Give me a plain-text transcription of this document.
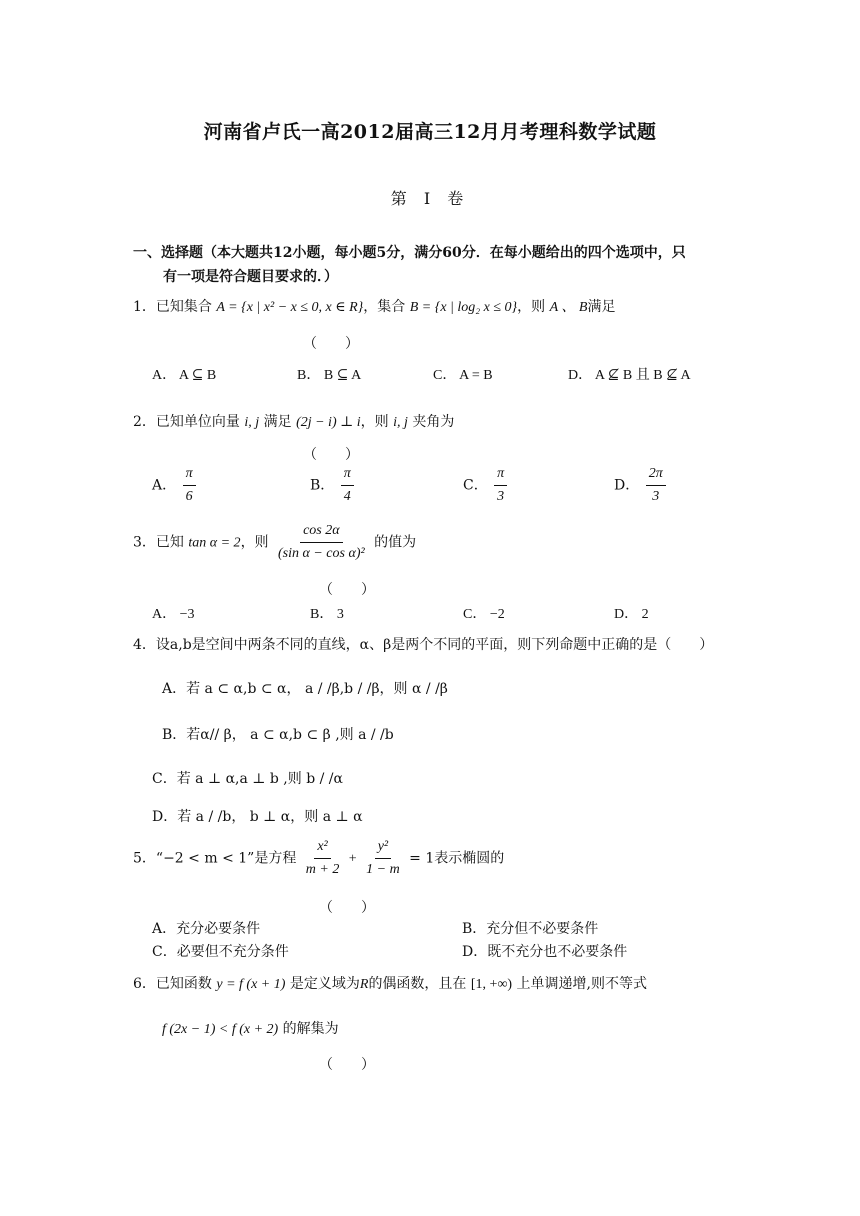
河南省卢氏一高2012届高三12月月考理科数学试题
第 Ⅰ 卷
一、选择题（本大题共12小题，每小题5分，满分60分．在每小题给出的四个选项中，只
有一项是符合题目要求的．）
1．已知集合 A = {x | x² − x ≤ 0, x ∈ R}，集合 B = {x | log₂ x ≤ 0}，则 A 、 B满足
（　　）
A． A ⊆ B	B． B ⊆ A	C． A = B	D． A ⊈ B 且 B ⊈ A
2．已知单位向量 i, j 满足 (2j − i) ⊥ i，则 i, j 夹角为
（　　）
A． $\frac{\pi}{6}$	B． $\frac{\pi}{4}$	C． $\frac{\pi}{3}$	D． $\frac{2\pi}{3}$
3．已知 tan α = 2，则 $\frac{\cos 2\alpha}{\text{(sin α − cos α)²}}$ 的值为
（　　）
A． −3	B． 3	C． −2	D． 2
4．设a,b是空间中两条不同的直线，α、β是两个不同的平面，则下列命题中正确的是（　　）
A．若 a ⊂ α,b ⊂ α， a / /β,b / /β，则 α / /β
B．若α// β， a ⊂ α,b ⊂ β ,则 a / /b
C．若 a ⊥ α,a ⊥ b ,则 b / /α
D．若 a / /b， b ⊥ α，则 a ⊥ α
5．“−2 < m < 1”是方程 $\frac{\text{x²}}{m + 2} + \frac{\text{y²}}{1 - m} = 1$表示椭圆的
（　　）
A．充分必要条件	B．充分但不必要条件
C．必要但不充分条件	D．既不充分也不必要条件
6．已知函数 y = f (x + 1) 是定义域为R的偶函数，且在 [1, +∞) 上单调递增,则不等式
f (2x − 1) < f (x + 2) 的解集为
（　　）
